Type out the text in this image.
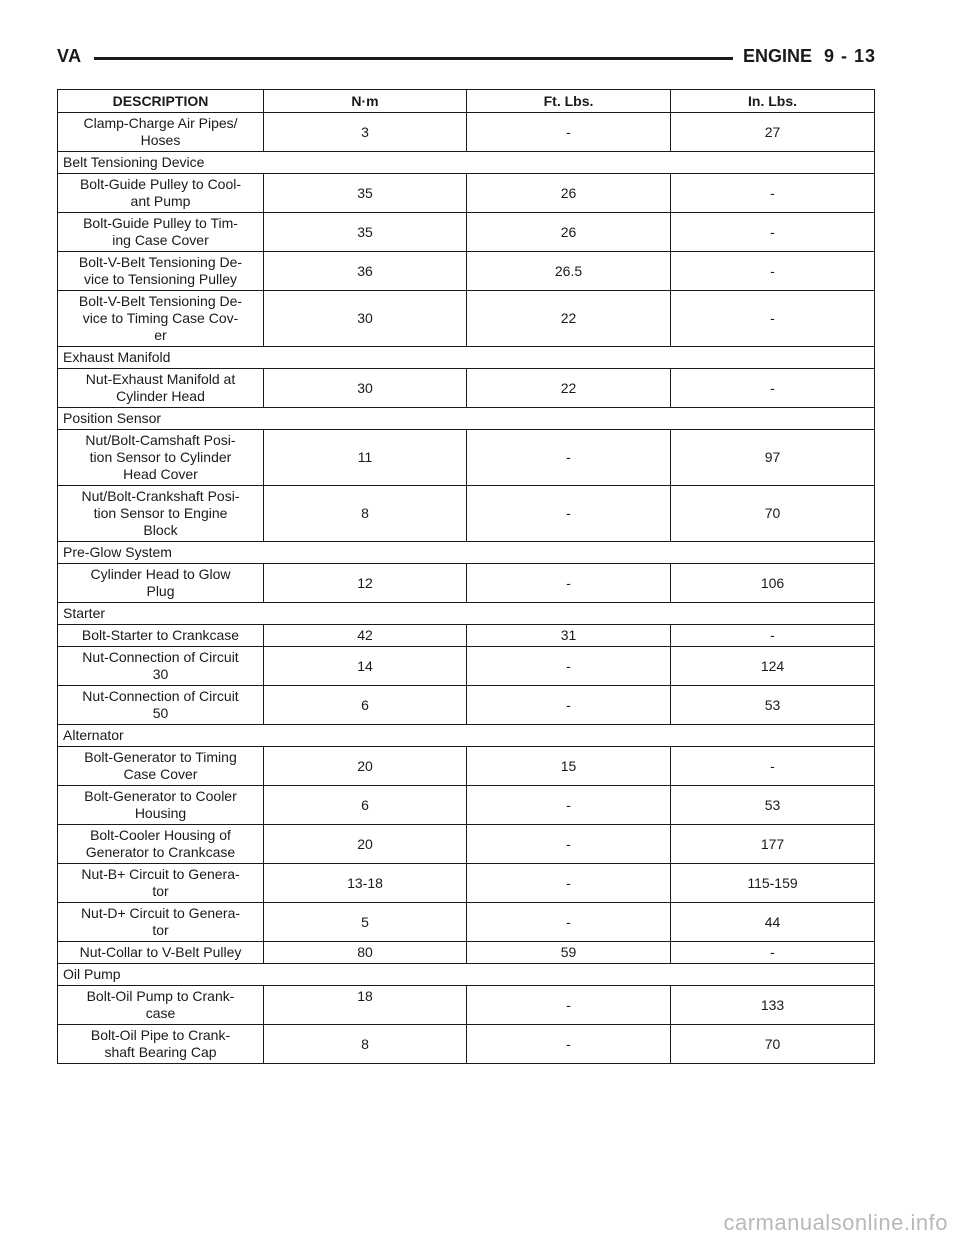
VA	ENGINE 9 - 13
DESCRIPTION	N·m	Ft. Lbs.	In. Lbs.
Clamp-Charge Air Pipes/
Hoses	3	-	27
Belt Tensioning Device			
Bolt-Guide Pulley to Cool-
ant Pump	35	26	-
Bolt-Guide Pulley to Tim-
ing Case Cover	35	26	-
Bolt-V-Belt Tensioning De-
vice to Tensioning Pulley	36	26.5	-
Bolt-V-Belt Tensioning De-
vice to Timing Case Cov-
er	30	22	-
Exhaust Manifold			
Nut-Exhaust Manifold at
Cylinder Head	30	22	-
Position Sensor			
Nut/Bolt-Camshaft Posi-
tion Sensor to Cylinder
Head Cover	11	-	97
Nut/Bolt-Crankshaft Posi-
tion Sensor to Engine
Block	8	-	70
Pre-Glow System			
Cylinder Head to Glow
Plug	12	-	106
Starter			
Bolt-Starter to Crankcase	42	31	-
Nut-Connection of Circuit
30	14	-	124
Nut-Connection of Circuit
50	6	-	53
Alternator			
Bolt-Generator to Timing
Case Cover	20	15	-
Bolt-Generator to Cooler
Housing	6	-	53
Bolt-Cooler Housing of
Generator to Crankcase	20	-	177
Nut-B+ Circuit to Genera-
tor	13-18	-	115-159
Nut-D+ Circuit to Genera-
tor	5	-	44
Nut-Collar to V-Belt Pulley	80	59	-
Oil Pump			
Bolt-Oil Pump to Crank-
case	18	-	133
Bolt-Oil Pipe to Crank-
shaft Bearing Cap	8	-	70
carmanualsonline.info
